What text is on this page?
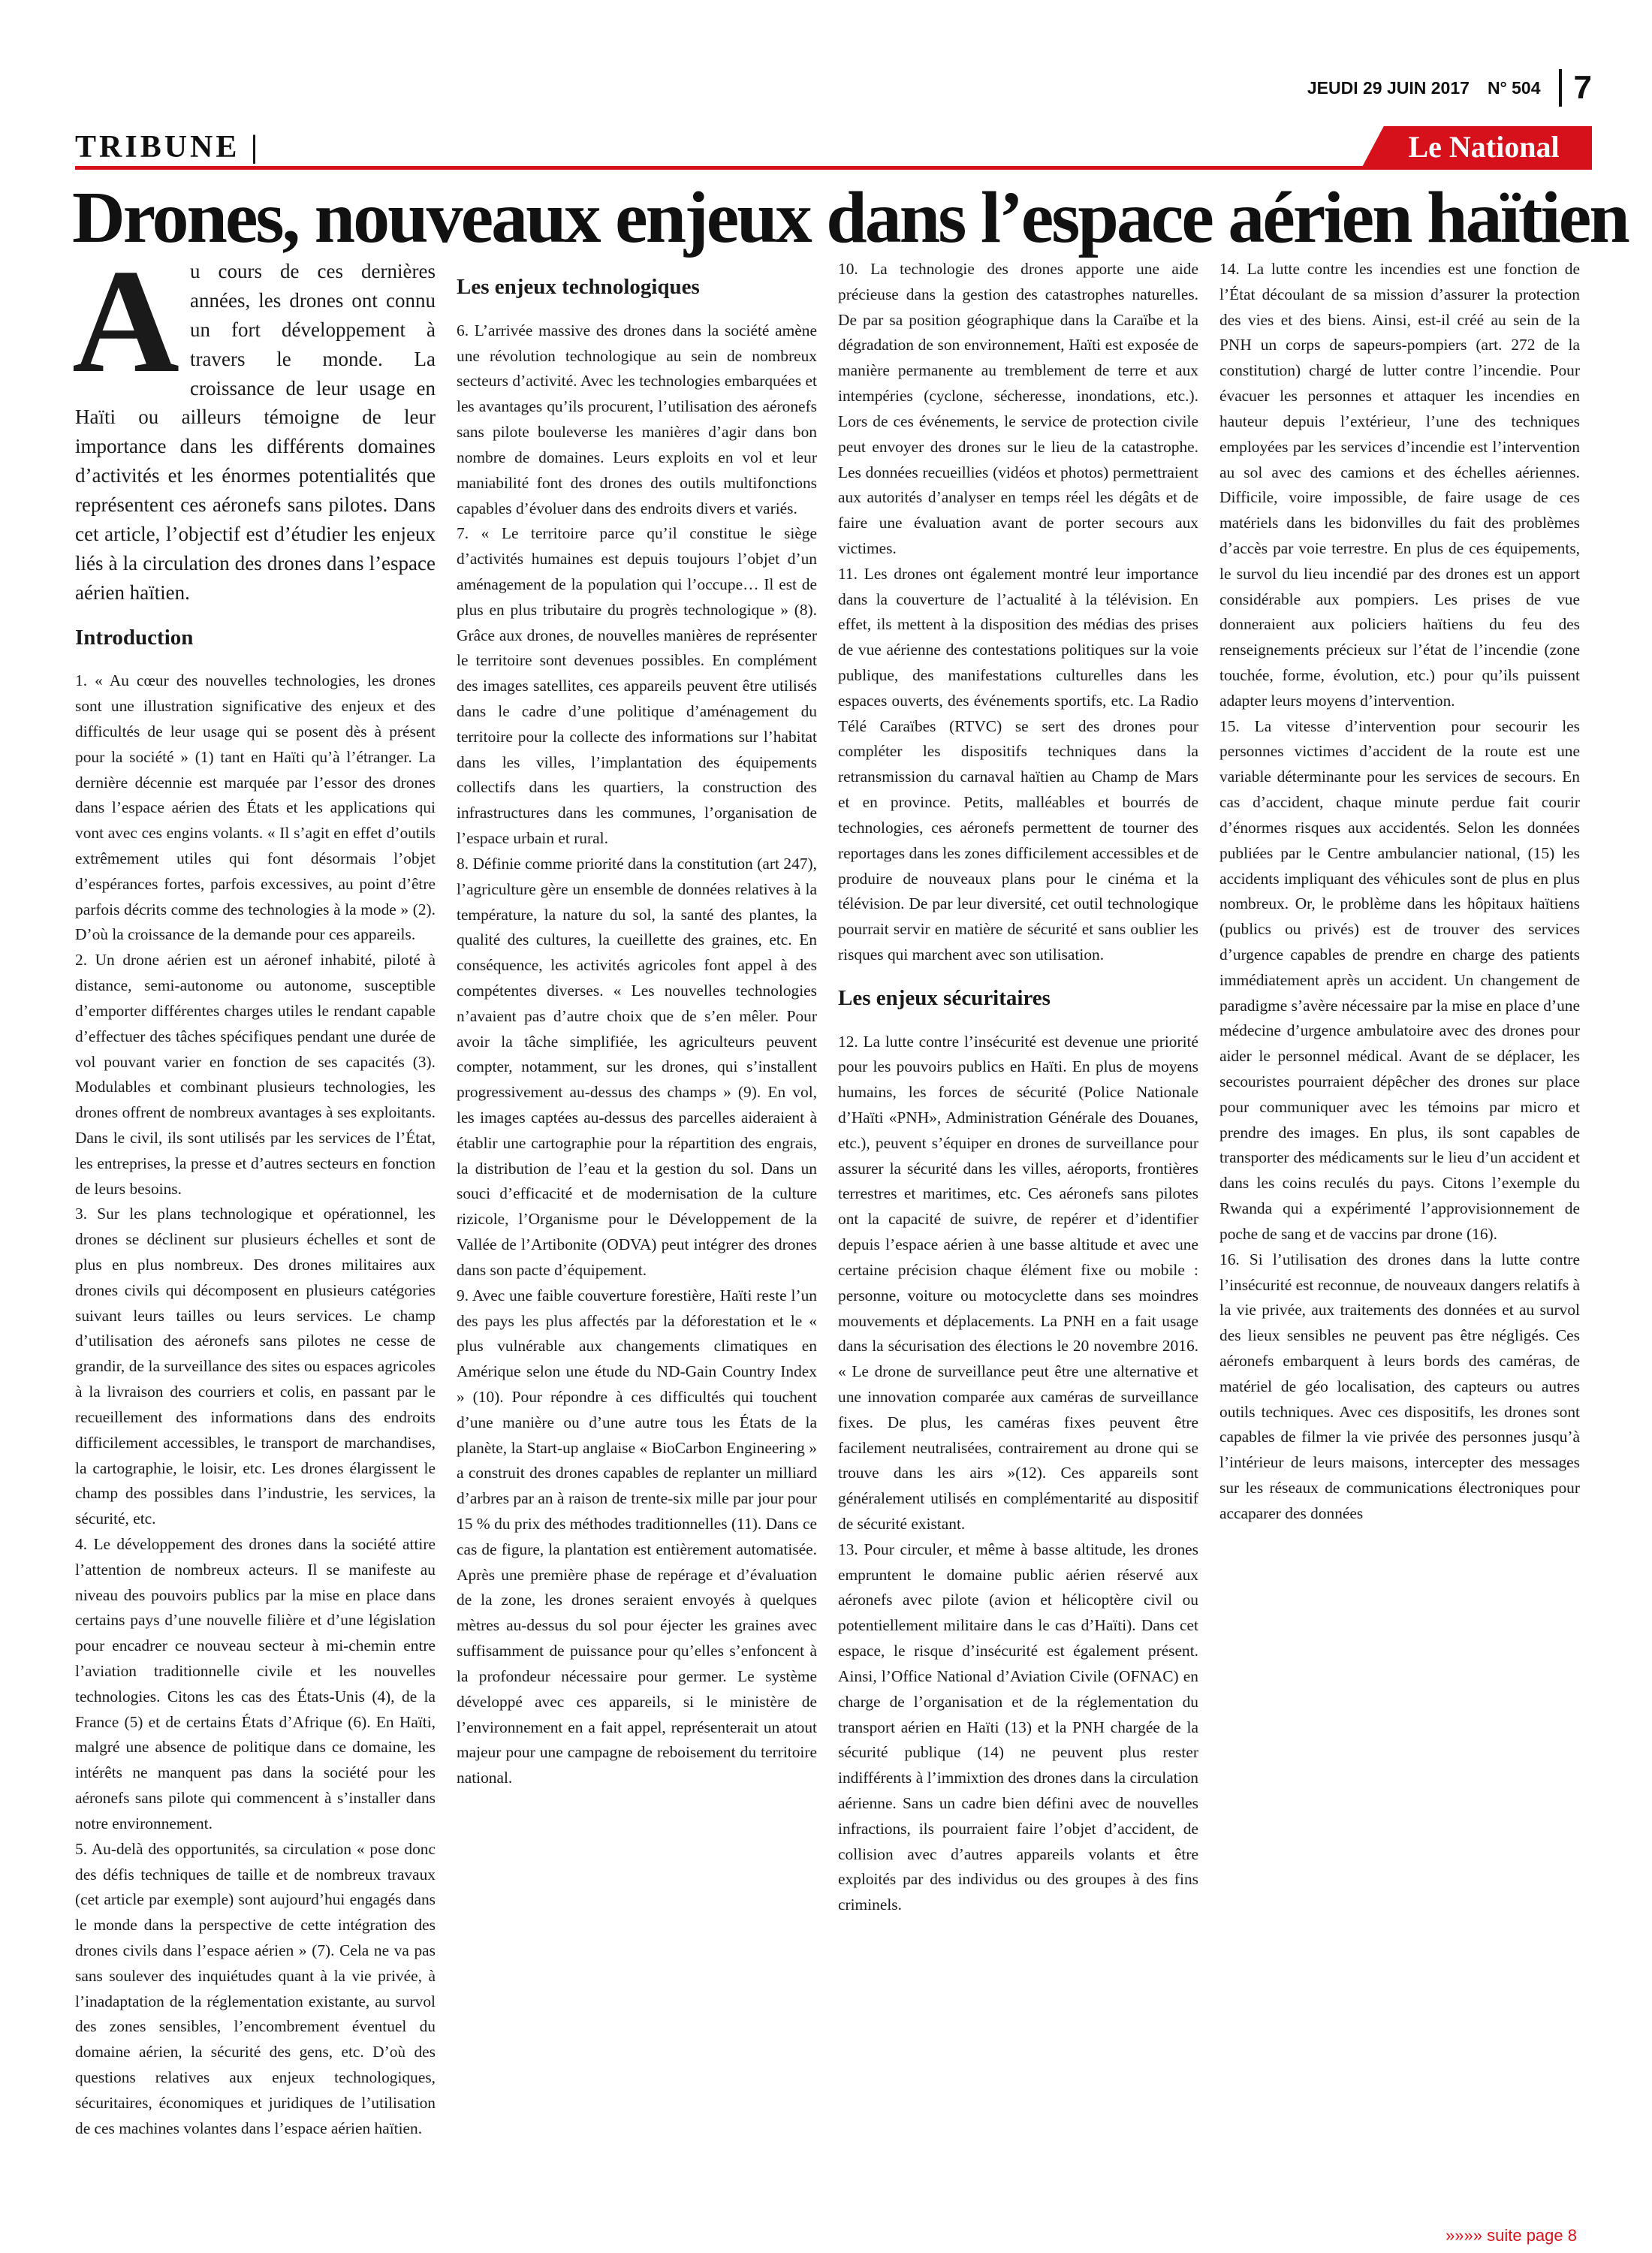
JEUDI 29 JUIN 2017 N° 504 7
TRIBUNE |	Le National
Drones, nouveaux enjeux dans l’espace aérien haïtien

Au cours de ces dernières années, les drones ont connu un fort développement à travers le monde. La croissance de leur usage en Haïti ou ailleurs témoigne de leur importance dans les différents domaines d’activités et les énormes potentialités que représentent ces aéronefs sans pilotes. Dans cet article, l’objectif est d’étudier les enjeux liés à la circulation des drones dans l’espace aérien haïtien.

Introduction

1. « Au cœur des nouvelles technologies, les drones sont une illustration significative des enjeux et des difficultés de leur usage qui se posent dès à présent pour la société » (1) tant en Haïti qu’à l’étranger. La dernière décennie est marquée par l’essor des drones dans l’espace aérien des États et les applications qui vont avec ces engins volants. « Il s’agit en effet d’outils extrêmement utiles qui font désormais l’objet d’espérances fortes, parfois excessives, au point d’être parfois décrits comme des technologies à la mode » (2). D’où la croissance de la demande pour ces appareils.

2. Un drone aérien est un aéronef inhabité, piloté à distance, semi-autonome ou autonome, susceptible d’emporter différentes charges utiles le rendant capable d’effectuer des tâches spécifiques pendant une durée de vol pouvant varier en fonction de ses capacités (3). Modulables et combinant plusieurs technologies, les drones offrent de nombreux avantages à ses exploitants. Dans le civil, ils sont utilisés par les services de l’État, les entreprises, la presse et d’autres secteurs en fonction de leurs besoins.

3. Sur les plans technologique et opérationnel, les drones se déclinent sur plusieurs échelles et sont de plus en plus nombreux. Des drones militaires aux drones civils qui décomposent en plusieurs catégories suivant leurs tailles ou leurs services. Le champ d’utilisation des aéronefs sans pilotes ne cesse de grandir, de la surveillance des sites ou espaces agricoles à la livraison des courriers et colis, en passant par le recueillement des informations dans des endroits difficilement accessibles, le transport de marchandises, la cartographie, le loisir, etc. Les drones élargissent le champ des possibles dans l’industrie, les services, la sécurité, etc.

4. Le développement des drones dans la société attire l’attention de nombreux acteurs. Il se manifeste au niveau des pouvoirs publics par la mise en place dans certains pays d’une nouvelle filière et d’une législation pour encadrer ce nouveau secteur à mi-chemin entre l’aviation traditionnelle civile et les nouvelles technologies. Citons les cas des États-Unis (4), de la France (5) et de certains États d’Afrique (6). En Haïti, malgré une absence de politique dans ce domaine, les intérêts ne manquent pas dans la société pour les aéronefs sans pilote qui commencent à s’installer dans notre environnement.

5. Au-delà des opportunités, sa circulation « pose donc des défis techniques de taille et de nombreux travaux (cet article par exemple) sont aujourd’hui engagés dans le monde dans la perspective de cette intégration des drones civils dans l’espace aérien » (7). Cela ne va pas sans soulever des inquiétudes quant à la vie privée, à l’inadaptation de la réglementation existante, au survol des zones sensibles, l’encombrement éventuel du domaine aérien, la sécurité des gens, etc. D’où des questions relatives aux enjeux technologiques, sécuritaires, économiques et juridiques de l’utilisation de ces machines volantes dans l’espace aérien haïtien.

Les enjeux technologiques

6. L’arrivée massive des drones dans la société amène une révolution technologique au sein de nombreux secteurs d’activité. Avec les technologies embarquées et les avantages qu’ils procurent, l’utilisation des aéronefs sans pilote bouleverse les manières d’agir dans bon nombre de domaines. Leurs exploits en vol et leur maniabilité font des drones des outils multifonctions capables d’évoluer dans des endroits divers et variés.

7. « Le territoire parce qu’il constitue le siège d’activités humaines est depuis toujours l’objet d’un aménagement de la population qui l’occupe… Il est de plus en plus tributaire du progrès technologique » (8). Grâce aux drones, de nouvelles manières de représenter le territoire sont devenues possibles. En complément des images satellites, ces appareils peuvent être utilisés dans le cadre d’une politique d’aménagement du territoire pour la collecte des informations sur l’habitat dans les villes, l’implantation des équipements collectifs dans les quartiers, la construction des infrastructures dans les communes, l’organisation de l’espace urbain et rural.

8. Définie comme priorité dans la constitution (art 247), l’agriculture gère un ensemble de données relatives à la température, la nature du sol, la santé des plantes, la qualité des cultures, la cueillette des graines, etc. En conséquence, les activités agricoles font appel à des compétentes diverses. « Les nouvelles technologies n’avaient pas d’autre choix que de s’en mêler. Pour avoir la tâche simplifiée, les agriculteurs peuvent compter, notamment, sur les drones, qui s’installent progressivement au-dessus des champs » (9). En vol, les images captées au-dessus des parcelles aideraient à établir une cartographie pour la répartition des engrais, la distribution de l’eau et la gestion du sol. Dans un souci d’efficacité et de modernisation de la culture rizicole, l’Organisme pour le Développement de la Vallée de l’Artibonite (ODVA) peut intégrer des drones dans son pacte d’équipement.

9. Avec une faible couverture forestière, Haïti reste l’un des pays les plus affectés par la déforestation et le « plus vulnérable aux changements climatiques en Amérique selon une étude du ND-Gain Country Index » (10). Pour répondre à ces difficultés qui touchent d’une manière ou d’une autre tous les États de la planète, la Start-up anglaise « BioCarbon Engineering » a construit des drones capables de replanter un milliard d’arbres par an à raison de trente-six mille par jour pour 15 % du prix des méthodes traditionnelles (11). Dans ce cas de figure, la plantation est entièrement automatisée. Après une première phase de repérage et d’évaluation de la zone, les drones seraient envoyés à quelques mètres au-dessus du sol pour éjecter les graines avec suffisamment de puissance pour qu’elles s’enfoncent à la profondeur nécessaire pour germer. Le système développé avec ces appareils, si le ministère de l’environnement en a fait appel, représenterait un atout majeur pour une campagne de reboisement du territoire national.

10. La technologie des drones apporte une aide précieuse dans la gestion des catastrophes naturelles. De par sa position géographique dans la Caraïbe et la dégradation de son environnement, Haïti est exposée de manière permanente au tremblement de terre et aux intempéries (cyclone, sécheresse, inondations, etc.). Lors de ces événements, le service de protection civile peut envoyer des drones sur le lieu de la catastrophe. Les données recueillies (vidéos et photos) permettraient aux autorités d’analyser en temps réel les dégâts et de faire une évaluation avant de porter secours aux victimes.

11. Les drones ont également montré leur importance dans la couverture de l’actualité à la télévision. En effet, ils mettent à la disposition des médias des prises de vue aérienne des contestations politiques sur la voie publique, des manifestations culturelles dans les espaces ouverts, des événements sportifs, etc. La Radio Télé Caraïbes (RTVC) se sert des drones pour compléter les dispositifs techniques dans la retransmission du carnaval haïtien au Champ de Mars et en province. Petits, malléables et bourrés de technologies, ces aéronefs permettent de tourner des reportages dans les zones difficilement accessibles et de produire de nouveaux plans pour le cinéma et la télévision. De par leur diversité, cet outil technologique pourrait servir en matière de sécurité et sans oublier les risques qui marchent avec son utilisation.

Les enjeux sécuritaires

12. La lutte contre l’insécurité est devenue une priorité pour les pouvoirs publics en Haïti. En plus de moyens humains, les forces de sécurité (Police Nationale d’Haïti «PNH», Administration Générale des Douanes, etc.), peuvent s’équiper en drones de surveillance pour assurer la sécurité dans les villes, aéroports, frontières terrestres et maritimes, etc. Ces aéronefs sans pilotes ont la capacité de suivre, de repérer et d’identifier depuis l’espace aérien à une basse altitude et avec une certaine précision chaque élément fixe ou mobile : personne, voiture ou motocyclette dans ses moindres mouvements et déplacements. La PNH en a fait usage dans la sécurisation des élections le 20 novembre 2016. « Le drone de surveillance peut être une alternative et une innovation comparée aux caméras de surveillance fixes. De plus, les caméras fixes peuvent être facilement neutralisées, contrairement au drone qui se trouve dans les airs »(12). Ces appareils sont généralement utilisés en complémentarité au dispositif de sécurité existant.

13. Pour circuler, et même à basse altitude, les drones empruntent le domaine public aérien réservé aux aéronefs avec pilote (avion et hélicoptère civil ou potentiellement militaire dans le cas d’Haïti). Dans cet espace, le risque d’insécurité est également présent. Ainsi, l’Office National d’Aviation Civile (OFNAC) en charge de l’organisation et de la réglementation du transport aérien en Haïti (13) et la PNH chargée de la sécurité publique (14) ne peuvent plus rester indifférents à l’immixtion des drones dans la circulation aérienne. Sans un cadre bien défini avec de nouvelles infractions, ils pourraient faire l’objet d’accident, de collision avec d’autres appareils volants et être exploités par des individus ou des groupes à des fins criminels.

14. La lutte contre les incendies est une fonction de l’État découlant de sa mission d’assurer la protection des vies et des biens. Ainsi, est-il créé au sein de la PNH un corps de sapeurs-pompiers (art. 272 de la constitution) chargé de lutter contre l’incendie. Pour évacuer les personnes et attaquer les incendies en hauteur depuis l’extérieur, l’une des techniques employées par les services d’incendie est l’intervention au sol avec des camions et des échelles aériennes. Difficile, voire impossible, de faire usage de ces matériels dans les bidonvilles du fait des problèmes d’accès par voie terrestre. En plus de ces équipements, le survol du lieu incendié par des drones est un apport considérable aux pompiers. Les prises de vue donneraient aux policiers haïtiens du feu des renseignements précieux sur l’état de l’incendie (zone touchée, forme, évolution, etc.) pour qu’ils puissent adapter leurs moyens d’intervention.

15. La vitesse d’intervention pour secourir les personnes victimes d’accident de la route est une variable déterminante pour les services de secours. En cas d’accident, chaque minute perdue fait courir d’énormes risques aux accidentés. Selon les données publiées par le Centre ambulancier national, (15) les accidents impliquant des véhicules sont de plus en plus nombreux. Or, le problème dans les hôpitaux haïtiens (publics ou privés) est de trouver des services d’urgence capables de prendre en charge des patients immédiatement après un accident. Un changement de paradigme s’avère nécessaire par la mise en place d’une médecine d’urgence ambulatoire avec des drones pour aider le personnel médical. Avant de se déplacer, les secouristes pourraient dépêcher des drones sur place pour communiquer avec les témoins par micro et prendre des images. En plus, ils sont capables de transporter des médicaments sur le lieu d’un accident et dans les coins reculés du pays. Citons l’exemple du Rwanda qui a expérimenté l’approvisionnement de poche de sang et de vaccins par drone (16).

16. Si l’utilisation des drones dans la lutte contre l’insécurité est reconnue, de nouveaux dangers relatifs à la vie privée, aux traitements des données et au survol des lieux sensibles ne peuvent pas être négligés. Ces aéronefs embarquent à leurs bords des caméras, de matériel de géo localisation, des capteurs ou autres outils techniques. Avec ces dispositifs, les drones sont capables de filmer la vie privée des personnes jusqu’à l’intérieur de leurs maisons, intercepter des messages sur les réseaux de communications électroniques pour accaparer des données

»»»» suite page 8
